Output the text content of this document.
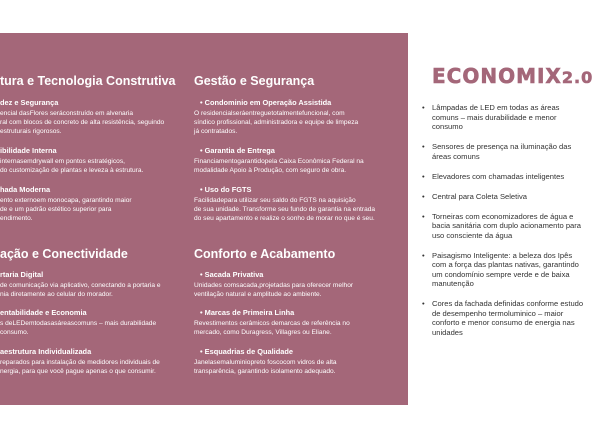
tura e Tecnologia Construtiva
dez e Segurança
encial dasFlores seráconstruído em alvenaria
ral com blocos de concreto de alta resistência, seguindo
estruturais rigorosos.
ibilidade Interna
internasemdrywall em pontos estratégicos,
do customização de plantas e leveza à estrutura.
hada Moderna
ento externoem monocapa, garantindo maior
de e um padrão estético superior para
endimento.
ação e Conectividade
rtaria Digital
de comunicação via aplicativo, conectando a portaria e
nia diretamente ao celular do morador.
entabilidade e Economia
s deLEDemtodasasáreascomuns – mais durabilidade
consumo.
aestrutura Individualizada
reparados para instalação de medidores individuais de
nergia, para que você pague apenas o que consumir.
Gestão e Segurança
• Condominio em Operação Assistida
O residencialseráentreguetotalmentefuncional, com
síndico profissional, administradora e equipe de limpeza
já contratados.
• Garantia de Entrega
Financiamentogarantidopela Caixa Econômica Federal na
modalidade Apoio à Produção, com seguro de obra.
• Uso do FGTS
Facilidadepara utilizar seu saldo do FGTS na aquisição
de sua unidade. Transforme seu fundo de garantia na entrada
do seu apartamento e realize o sonho de morar no que é seu.
Conforto e Acabamento
• Sacada Privativa
Unidades comsacada,projetadas para oferecer melhor
ventilação natural e amplitude ao ambiente.
• Marcas de Primeira Linha
Revestimentos cerâmicos demarcas de referência no
mercado, como Duragress, Villagres ou Eliane.
• Esquadrias de Qualidade
Janelasemaluminiopreto foscocom vidros de alta
transparência, garantindo isolamento adequado.
ECONOMIX2.0
• Lâmpadas de LED em todas as áreas
comuns – mais durabilidade e menor
consumo
• Sensores de presença na iluminação das
áreas comuns
• Elevadores com chamadas inteligentes
• Central para Coleta Seletiva
• Torneiras com economizadores de água e
bacia sanitária com duplo acionamento para
uso consciente da água
• Paisagismo Inteligente: a beleza dos Ipês
com a força das plantas nativas, garantindo
um condomínio sempre verde e de baixa
manutenção
• Cores da fachada definidas conforme estudo
de desempenho termoluminico – maior
conforto e menor consumo de energia nas
unidades
